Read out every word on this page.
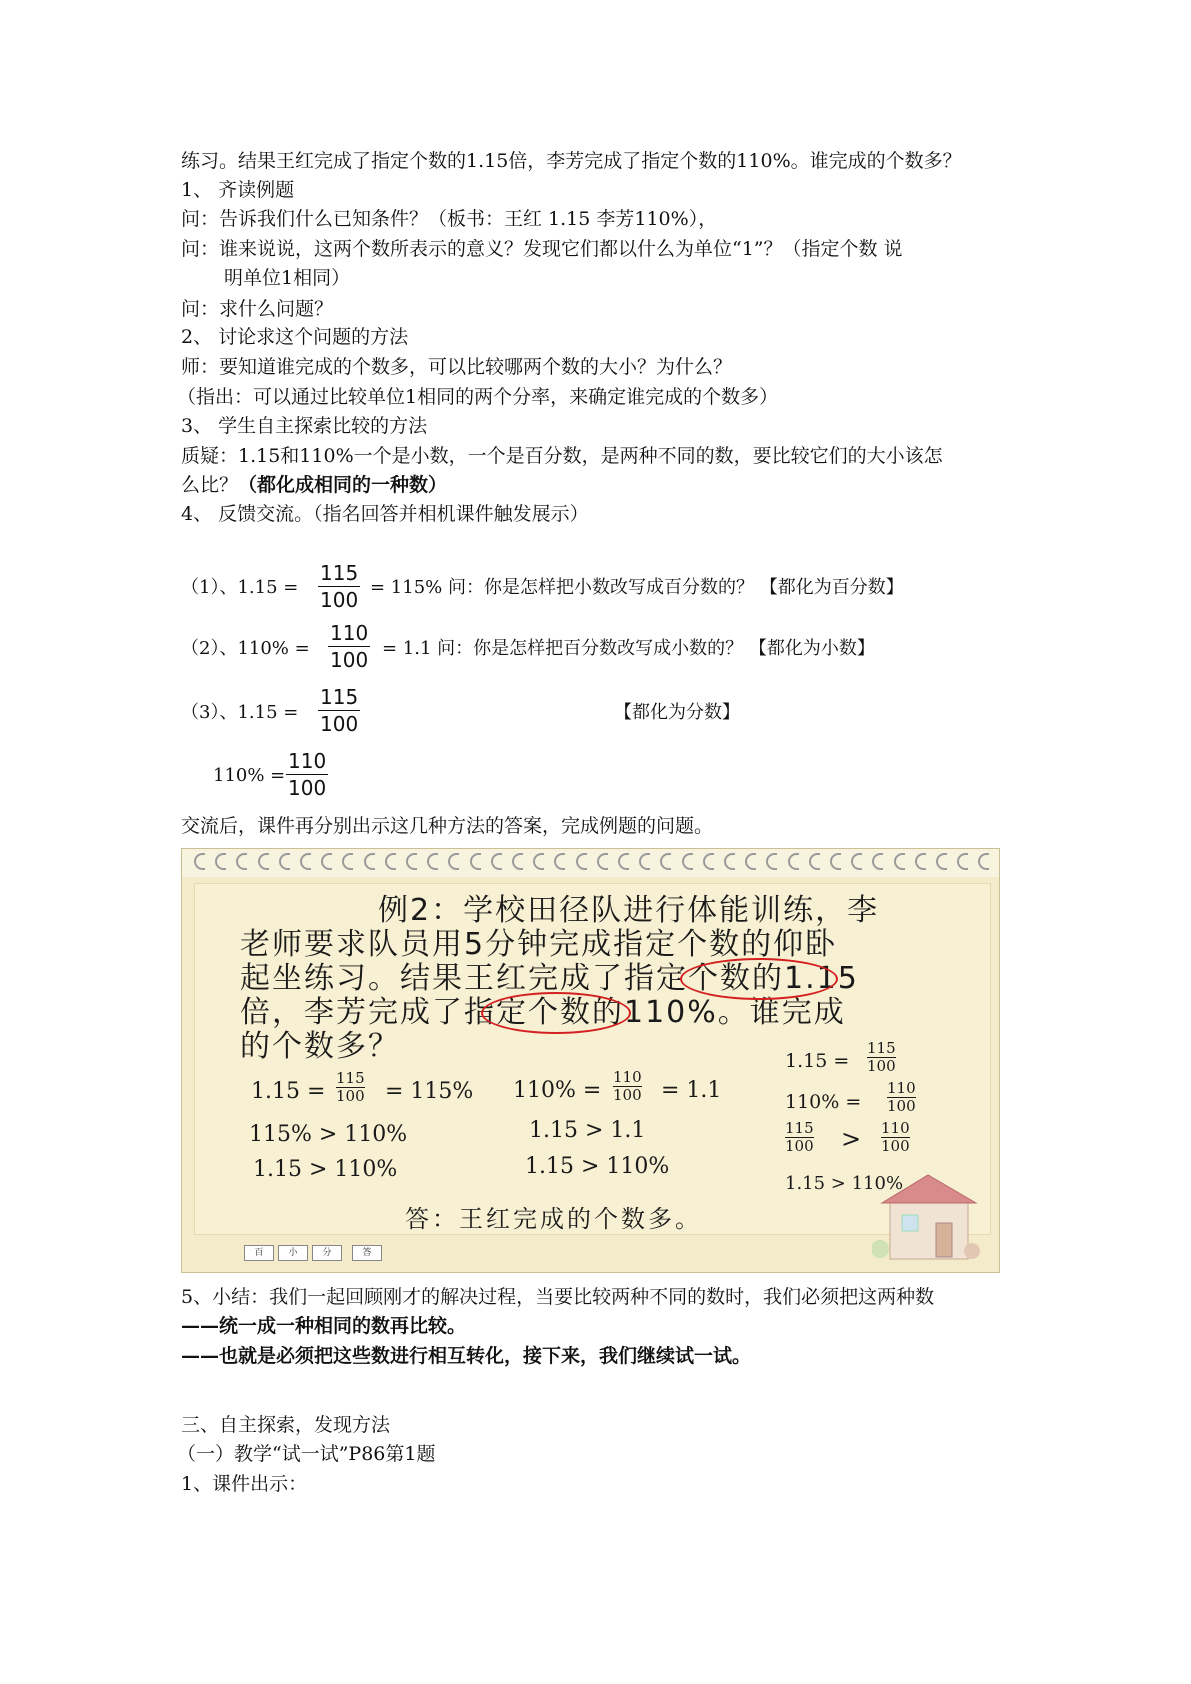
练习。结果王红完成了指定个数的1.15倍，李芳完成了指定个数的110%。谁完成的个数多？
1、 齐读例题
问：告诉我们什么已知条件？（板书：王红 1.15 李芳110%），
问：谁来说说，这两个数所表示的意义？发现它们都以什么为单位“1”？（指定个数 说
明单位1相同）
问：求什么问题？
2、 讨论求这个问题的方法
师：要知道谁完成的个数多，可以比较哪两个数的大小？为什么？
（指出：可以通过比较单位1相同的两个分率，来确定谁完成的个数多）
3、 学生自主探索比较的方法
质疑：1.15和110%一个是小数，一个是百分数，是两种不同的数，要比较它们的大小该怎
么比？（都化成相同的一种数）
4、 反馈交流。（指名回答并相机课件触发展示）
（1）、1.15 =
115
100
= 115% 问：你是怎样把小数改写成百分数的？ 【都化为百分数】
（2）、110% =
110
100 = 1.1 问：你是怎样把百分数改写成小数的？ 【都化为小数】
（3）、1.15 =
115
100	【都化为分数】
110% =
110
100
交流后，课件再分别出示这几种方法的答案，完成例题的问题。
例2：学校田径队进行体能训练，李
老师要求队员用5分钟完成指定个数的仰卧
起坐练习。结果王红完成了指定个数的1.15
倍，李芳完成了指定个数的110%。谁完成
的个数多？
1.15 =
115
100 = 115%
115% > 110%
1.15 > 110%
110% =
110
100 = 1.1
1.15 > 1.1
1.15 > 110%
1.15 =
115
100
110% =
110
100
115
100 > 110
100
1.15 > 110%
答：王红完成的个数多。
百	小	分	答
5、小结：我们一起回顾刚才的解决过程，当要比较两种不同的数时，我们必须把这两种数
——统一成一种相同的数再比较。
——也就是必须把这些数进行相互转化，接下来，我们继续试一试。
三、自主探索，发现方法
（一）教学“试一试”P86第1题
1、课件出示：
